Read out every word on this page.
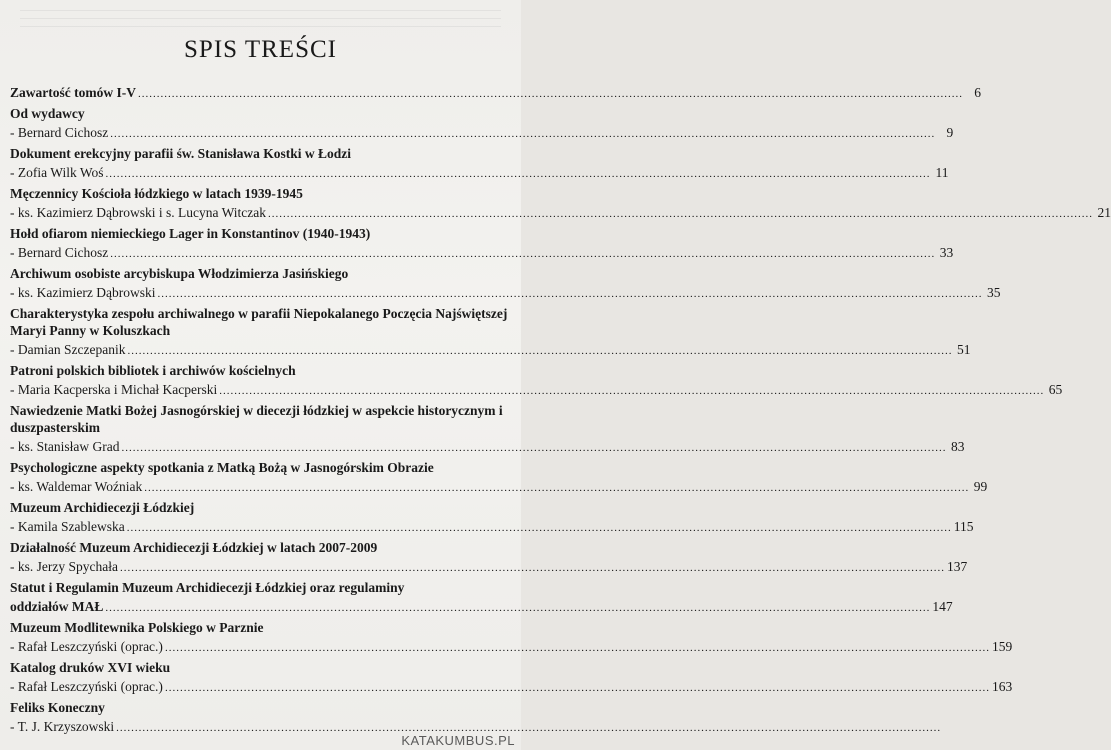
SPIS TREŚCI
Zawartość tomów I-V ............................................................................................................................................................................................................................ 6
Od wydawcy
- Bernard Cichosz ............................................................................................................................................................................................................................ 9
Dokument erekcyjny parafii św. Stanisława Kostki w Łodzi
- Zofia Wilk Woś ............................................................................................................................................................................................................................ 11
Męczennicy Kościoła łódzkiego w latach 1939-1945
- ks. Kazimierz Dąbrowski i s. Lucyna Witczak ............................................................................................................................................................................................................................ 21
Hołd ofiarom niemieckiego Lager in Konstantinov (1940-1943)
- Bernard Cichosz ............................................................................................................................................................................................................................ 33
Archiwum osobiste arcybiskupa Włodzimierza Jasińskiego
- ks. Kazimierz Dąbrowski ............................................................................................................................................................................................................................ 35
Charakterystyka zespołu archiwalnego w parafii Niepokalanego Poczęcia Najświętszej Maryi Panny w Koluszkach
- Damian Szczepanik ............................................................................................................................................................................................................................ 51
Patroni polskich bibliotek i archiwów kościelnych
- Maria Kacperska i Michał Kacperski ............................................................................................................................................................................................................................ 65
Nawiedzenie Matki Bożej Jasnogórskiej w diecezji łódzkiej w aspekcie historycznym i duszpasterskim
- ks. Stanisław Grad ............................................................................................................................................................................................................................ 83
Psychologiczne aspekty spotkania z Matką Bożą w Jasnogórskim Obrazie
- ks. Waldemar Woźniak ............................................................................................................................................................................................................................ 99
Muzeum Archidiecezji Łódzkiej
- Kamila Szablewska ............................................................................................................................................................................................................................ 115
Działalność Muzeum Archidiecezji Łódzkiej w latach 2007-2009
- ks. Jerzy Spychała ............................................................................................................................................................................................................................ 137
Statut i Regulamin Muzeum Archidiecezji Łódzkiej oraz regulaminy
oddziałów MAŁ ............................................................................................................................................................................................................................ 147
Muzeum Modlitewnika Polskiego w Parznie
- Rafał Leszczyński (oprac.) ............................................................................................................................................................................................................................ 159
Katalog druków XVI wieku
- Rafał Leszczyński (oprac.) ............................................................................................................................................................................................................................ 163
Feliks Koneczny
- T. J. Krzyszowski ............................................................................................................................................................................................................................
KATAKUMBUS.PL
